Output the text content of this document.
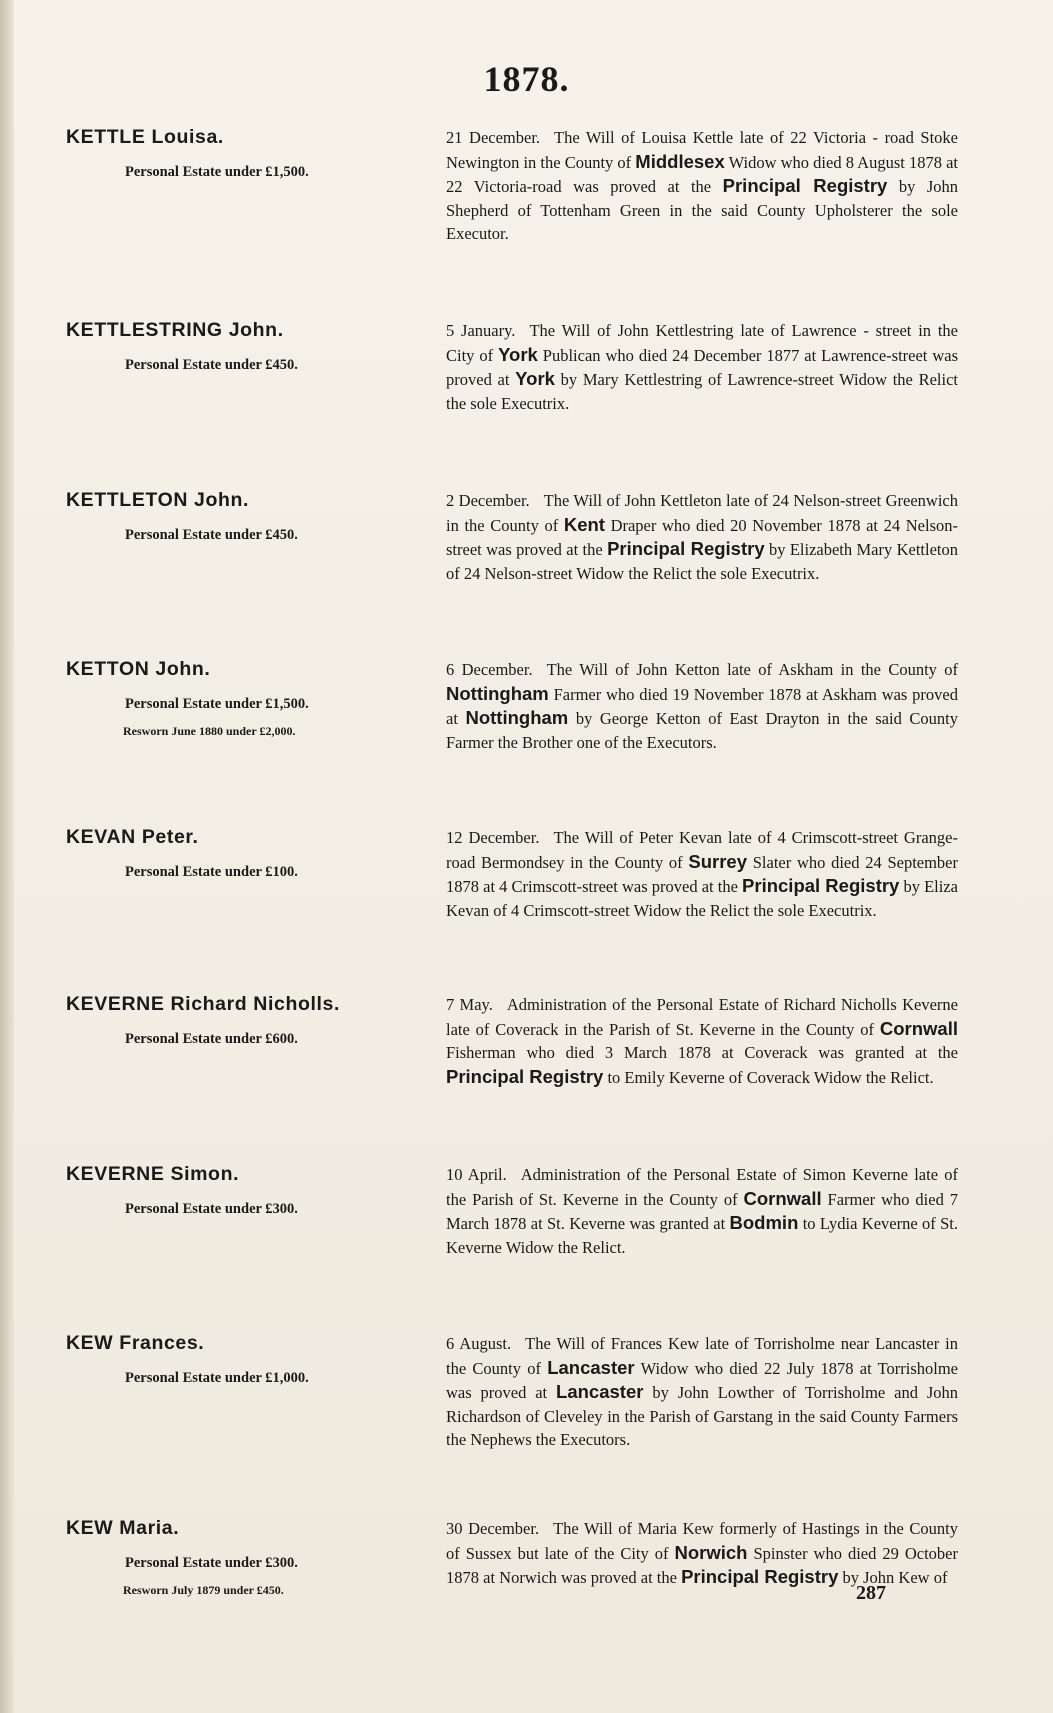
1878.
KETTLE Louisa.
Personal Estate under £1,500.
21 December. The Will of Louisa Kettle late of 22 Victoria - road Stoke Newington in the County of Middlesex Widow who died 8 August 1878 at 22 Victoria-road was proved at the Principal Registry by John Shepherd of Tottenham Green in the said County Upholsterer the sole Executor.
KETTLESTRING John.
Personal Estate under £450.
5 January. The Will of John Kettlestring late of Lawrence - street in the City of York Publican who died 24 December 1877 at Lawrence-street was proved at York by Mary Kettlestring of Lawrence-street Widow the Relict the sole Executrix.
KETTLETON John.
Personal Estate under £450.
2 December. The Will of John Kettleton late of 24 Nelson-street Greenwich in the County of Kent Draper who died 20 November 1878 at 24 Nelson-street was proved at the Principal Registry by Elizabeth Mary Kettleton of 24 Nelson-street Widow the Relict the sole Executrix.
KETTON John.
Personal Estate under £1,500.
Resworn June 1880 under £2,000.
6 December. The Will of John Ketton late of Askham in the County of Nottingham Farmer who died 19 November 1878 at Askham was proved at Nottingham by George Ketton of East Drayton in the said County Farmer the Brother one of the Executors.
KEVAN Peter.
Personal Estate under £100.
12 December. The Will of Peter Kevan late of 4 Crimscott-street Grange-road Bermondsey in the County of Surrey Slater who died 24 September 1878 at 4 Crimscott-street was proved at the Principal Registry by Eliza Kevan of 4 Crimscott-street Widow the Relict the sole Executrix.
KEVERNE Richard Nicholls.
Personal Estate under £600.
7 May. Administration of the Personal Estate of Richard Nicholls Keverne late of Coverack in the Parish of St. Keverne in the County of Cornwall Fisherman who died 3 March 1878 at Coverack was granted at the Principal Registry to Emily Keverne of Coverack Widow the Relict.
KEVERNE Simon.
Personal Estate under £300.
10 April. Administration of the Personal Estate of Simon Keverne late of the Parish of St. Keverne in the County of Cornwall Farmer who died 7 March 1878 at St. Keverne was granted at Bodmin to Lydia Keverne of St. Keverne Widow the Relict.
KEW Frances.
Personal Estate under £1,000.
6 August. The Will of Frances Kew late of Torrisholme near Lancaster in the County of Lancaster Widow who died 22 July 1878 at Torrisholme was proved at Lancaster by John Lowther of Torrisholme and John Richardson of Cleveley in the Parish of Garstang in the said County Farmers the Nephews the Executors.
KEW Maria.
Personal Estate under £300.
Resworn July 1879 under £450.
30 December. The Will of Maria Kew formerly of Hastings in the County of Sussex but late of the City of Norwich Spinster who died 29 October 1878 at Norwich was proved at the Principal Registry by John Kew of
287
